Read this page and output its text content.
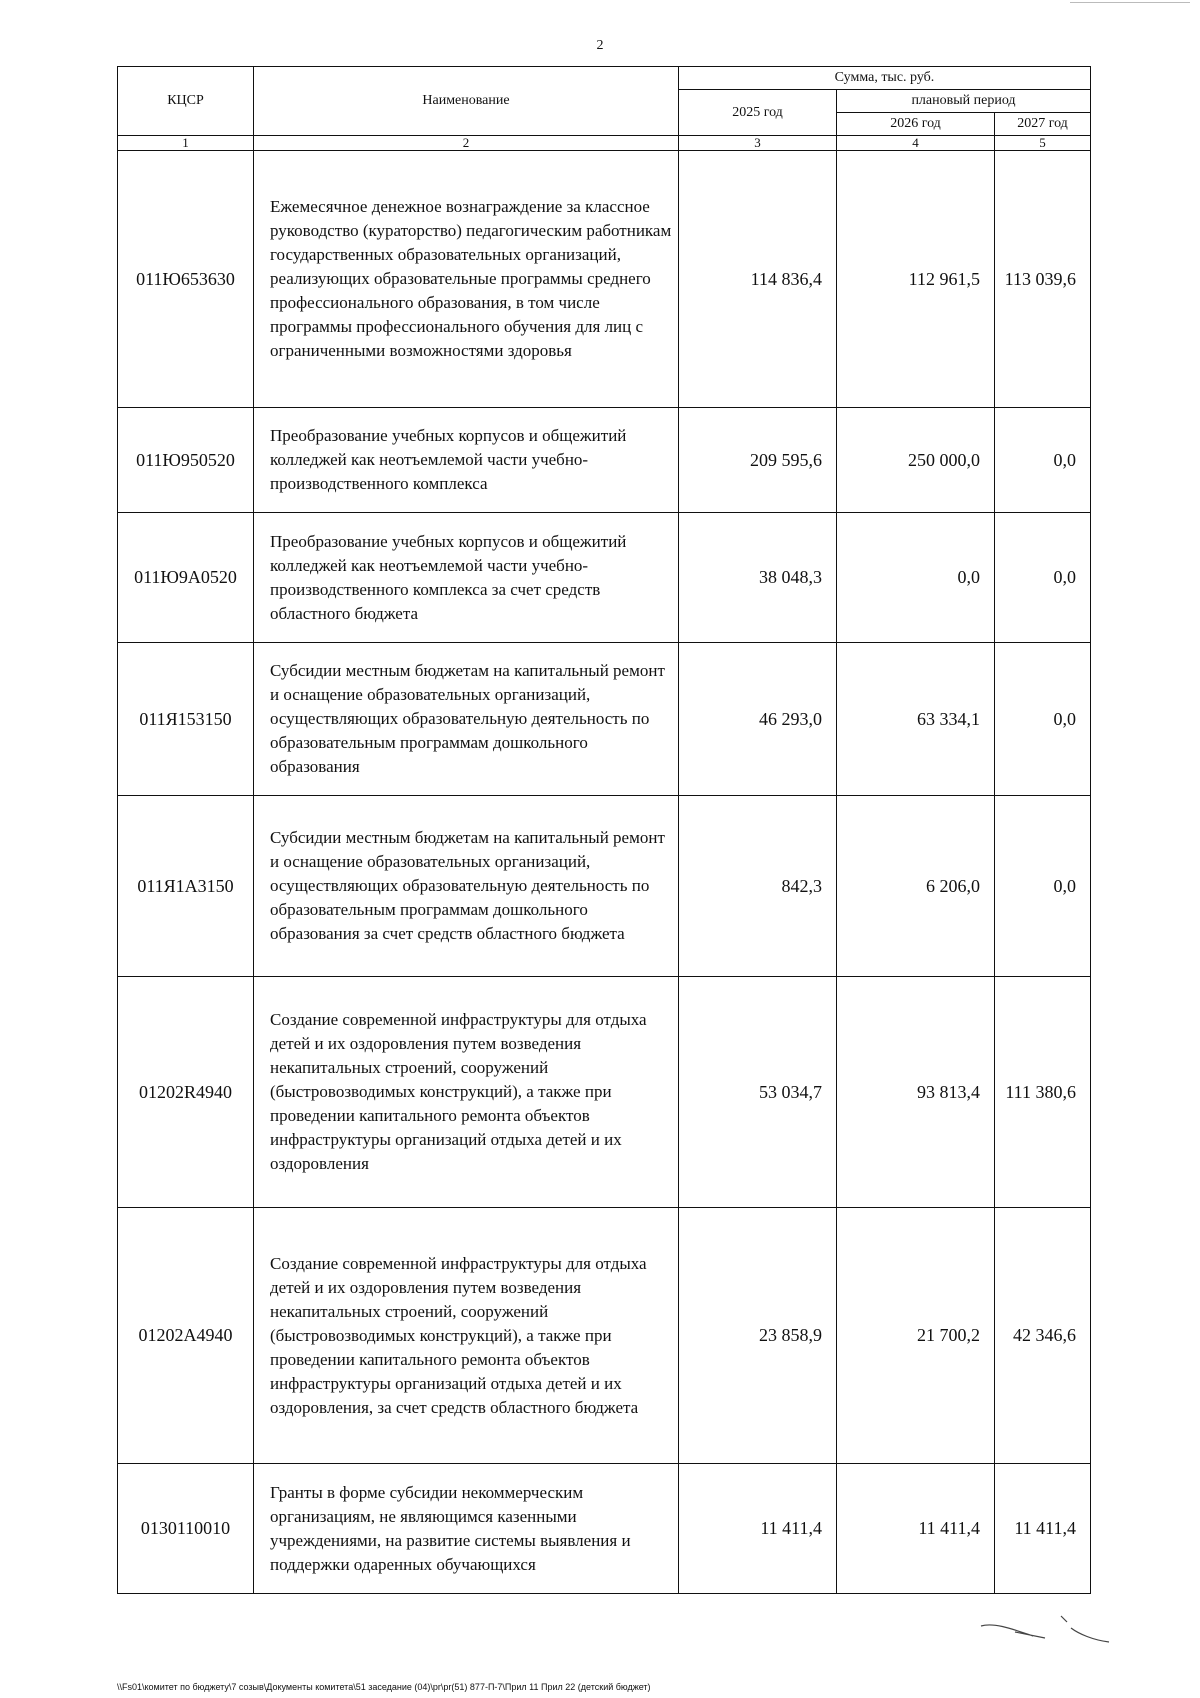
2
КЦСР	Наименование	Сумма, тыс. руб.		
		2025 год	плановый период	
			2026 год	2027 год
1	2	3	4	5
011Ю653630	Ежемесячное денежное вознаграждение за классное руководство (кураторство) педагогическим работникам государственных образовательных организаций, реализующих образовательные программы среднего профессионального образования, в том числе программы профессионального обучения для лиц с ограниченными возможностями здоровья	114 836,4	112 961,5	113 039,6
011Ю950520	Преобразование учебных корпусов и общежитий колледжей как неотъемлемой части учебно-производственного комплекса	209 595,6	250 000,0	0,0
011Ю9А0520	Преобразование учебных корпусов и общежитий колледжей как неотъемлемой части учебно-производственного комплекса за счет средств областного бюджета	38 048,3	0,0	0,0
011Я153150	Субсидии местным бюджетам на капитальный ремонт и оснащение образовательных организаций, осуществляющих образовательную деятельность по образовательным программам дошкольного образования	46 293,0	63 334,1	0,0
011Я1А3150	Субсидии местным бюджетам на капитальный ремонт и оснащение образовательных организаций, осуществляющих образовательную деятельность по образовательным программам дошкольного образования за счет средств областного бюджета	842,3	6 206,0	0,0
01202R4940	Создание современной инфраструктуры для отдыха детей и их оздоровления путем возведения некапитальных строений, сооружений (быстровозводимых конструкций), а также при проведении капитального ремонта объектов инфраструктуры организаций отдыха детей и их оздоровления	53 034,7	93 813,4	111 380,6
01202А4940	Создание современной инфраструктуры для отдыха детей и их оздоровления путем возведения некапитальных строений, сооружений (быстровозводимых конструкций), а также при проведении капитального ремонта объектов инфраструктуры организаций отдыха детей и их оздоровления, за счет средств областного бюджета	23 858,9	21 700,2	42 346,6
0130110010	Гранты в форме субсидии некоммерческим организациям, не являющимся казенными учреждениями, на развитие системы выявления и поддержки одаренных обучающихся	11 411,4	11 411,4	11 411,4
\\Fs01\комитет по бюджету\7 созыв\Документы комитета\51 заседание (04)\pr\pr(51) 877-П-7\Прил 11 Прил 22 (детский бюджет)
